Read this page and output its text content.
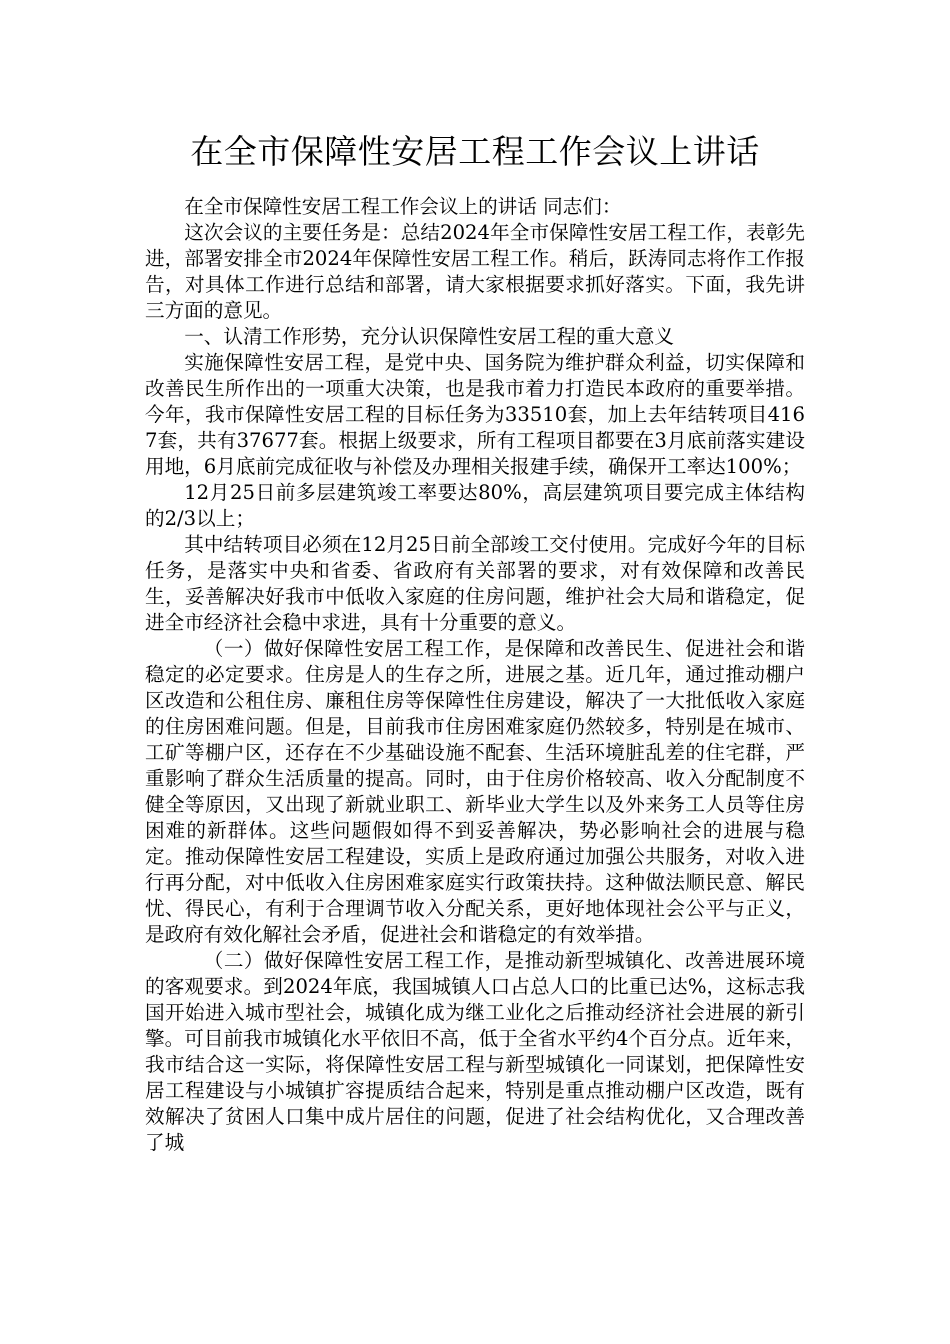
在全市保障性安居工程工作会议上讲话

在全市保障性安居工程工作会议上的讲话 同志们：

这次会议的主要任务是：总结2024年全市保障性安居工程工作，表彰先进，部署安排全市2024年保障性安居工程工作。稍后，跃涛同志将作工作报告，对具体工作进行总结和部署，请大家根据要求抓好落实。下面，我先讲三方面的意见。

一、认清工作形势，充分认识保障性安居工程的重大意义

实施保障性安居工程，是党中央、国务院为维护群众利益，切实保障和改善民生所作出的一项重大决策，也是我市着力打造民本政府的重要举措。今年，我市保障性安居工程的目标任务为33510套，加上去年结转项目4167套，共有37677套。根据上级要求，所有工程项目都要在3月底前落实建设用地，6月底前完成征收与补偿及办理相关报建手续，确保开工率达100%；

12月25日前多层建筑竣工率要达80%，高层建筑项目要完成主体结构的2/3以上；

其中结转项目必须在12月25日前全部竣工交付使用。完成好今年的目标任务，是落实中央和省委、省政府有关部署的要求，对有效保障和改善民生，妥善解决好我市中低收入家庭的住房问题，维护社会大局和谐稳定，促进全市经济社会稳中求进，具有十分重要的意义。

（一）做好保障性安居工程工作，是保障和改善民生、促进社会和谐稳定的必定要求。住房是人的生存之所，进展之基。近几年，通过推动棚户区改造和公租住房、廉租住房等保障性住房建设，解决了一大批低收入家庭的住房困难问题。但是，目前我市住房困难家庭仍然较多，特别是在城市、工矿等棚户区，还存在不少基础设施不配套、生活环境脏乱差的住宅群，严重影响了群众生活质量的提高。同时，由于住房价格较高、收入分配制度不健全等原因，又出现了新就业职工、新毕业大学生以及外来务工人员等住房困难的新群体。这些问题假如得不到妥善解决，势必影响社会的进展与稳定。推动保障性安居工程建设，实质上是政府通过加强公共服务，对收入进行再分配，对中低收入住房困难家庭实行政策扶持。这种做法顺民意、解民忧、得民心，有利于合理调节收入分配关系，更好地体现社会公平与正义，是政府有效化解社会矛盾，促进社会和谐稳定的有效举措。

（二）做好保障性安居工程工作，是推动新型城镇化、改善进展环境的客观要求。到2024年底，我国城镇人口占总人口的比重已达%，这标志我国开始进入城市型社会，城镇化成为继工业化之后推动经济社会进展的新引擎。可目前我市城镇化水平依旧不高，低于全省水平约4个百分点。近年来，我市结合这一实际，将保障性安居工程与新型城镇化一同谋划，把保障性安居工程建设与小城镇扩容提质结合起来，特别是重点推动棚户区改造，既有效解决了贫困人口集中成片居住的问题，促进了社会结构优化，又合理改善了城
